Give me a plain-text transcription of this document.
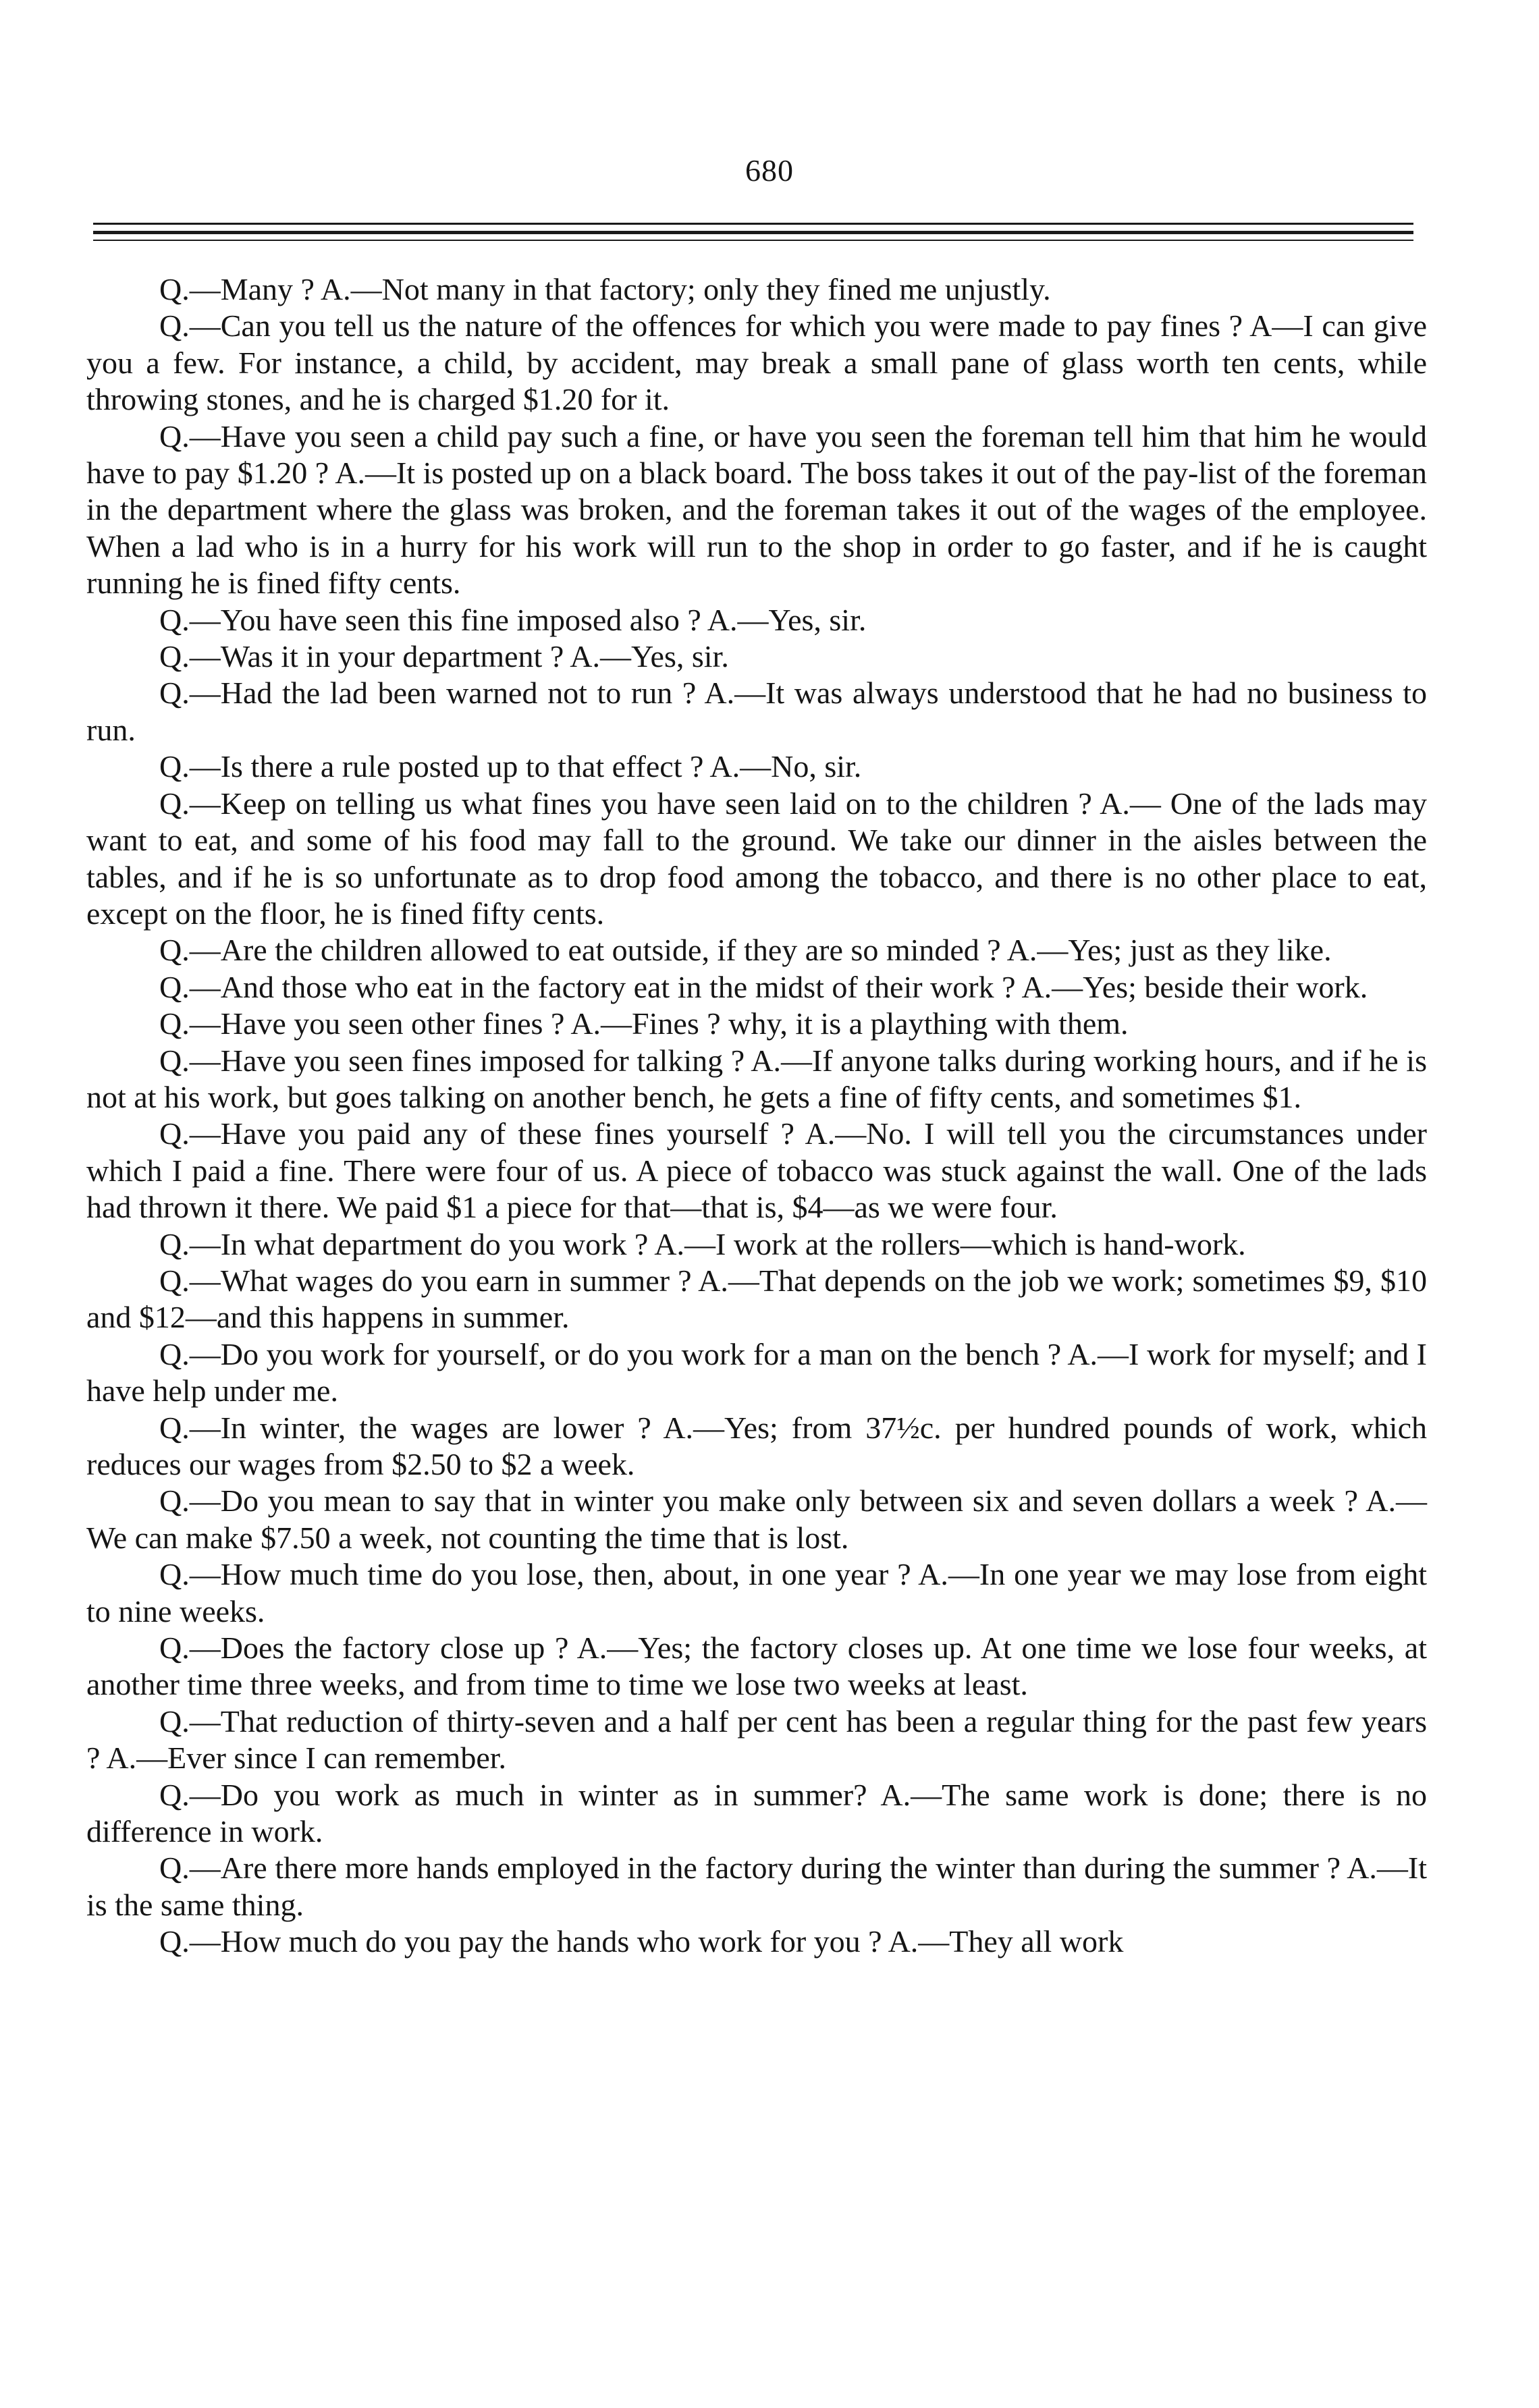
680

Q.—Many ? A.—Not many in that factory; only they fined me unjustly.

Q.—Can you tell us the nature of the offences for which you were made to pay fines ? A—I can give you a few. For instance, a child, by accident, may break a small pane of glass worth ten cents, while throwing stones, and he is charged $1.20 for it.

Q.—Have you seen a child pay such a fine, or have you seen the foreman tell him that him he would have to pay $1.20 ? A.—It is posted up on a black board. The boss takes it out of the pay-list of the foreman in the department where the glass was broken, and the foreman takes it out of the wages of the employee. When a lad who is in a hurry for his work will run to the shop in order to go faster, and if he is caught running he is fined fifty cents.

Q.—You have seen this fine imposed also ? A.—Yes, sir.

Q.—Was it in your department ? A.—Yes, sir.

Q.—Had the lad been warned not to run ? A.—It was always understood that he had no business to run.

Q.—Is there a rule posted up to that effect ? A.—No, sir.

Q.—Keep on telling us what fines you have seen laid on to the children ? A.— One of the lads may want to eat, and some of his food may fall to the ground. We take our dinner in the aisles between the tables, and if he is so unfortunate as to drop food among the tobacco, and there is no other place to eat, except on the floor, he is fined fifty cents.

Q.—Are the children allowed to eat outside, if they are so minded ? A.—Yes; just as they like.

Q.—And those who eat in the factory eat in the midst of their work ? A.—Yes; beside their work.

Q.—Have you seen other fines ? A.—Fines ? why, it is a plaything with them.

Q.—Have you seen fines imposed for talking ? A.—If anyone talks during working hours, and if he is not at his work, but goes talking on another bench, he gets a fine of fifty cents, and sometimes $1.

Q.—Have you paid any of these fines yourself ? A.—No. I will tell you the circumstances under which I paid a fine. There were four of us. A piece of tobacco was stuck against the wall. One of the lads had thrown it there. We paid $1 a piece for that—that is, $4—as we were four.

Q.—In what department do you work ? A.—I work at the rollers—which is hand-work.

Q.—What wages do you earn in summer ? A.—That depends on the job we work; sometimes $9, $10 and $12—and this happens in summer.

Q.—Do you work for yourself, or do you work for a man on the bench ? A.—I work for myself; and I have help under me.

Q.—In winter, the wages are lower ? A.—Yes; from 37½c. per hundred pounds of work, which reduces our wages from $2.50 to $2 a week.

Q.—Do you mean to say that in winter you make only between six and seven dollars a week ? A.—We can make $7.50 a week, not counting the time that is lost.

Q.—How much time do you lose, then, about, in one year ? A.—In one year we may lose from eight to nine weeks.

Q.—Does the factory close up ? A.—Yes; the factory closes up. At one time we lose four weeks, at another time three weeks, and from time to time we lose two weeks at least.

Q.—That reduction of thirty-seven and a half per cent has been a regular thing for the past few years ? A.—Ever since I can remember.

Q.—Do you work as much in winter as in summer? A.—The same work is done; there is no difference in work.

Q.—Are there more hands employed in the factory during the winter than during the summer ? A.—It is the same thing.

Q.—How much do you pay the hands who work for you ? A.—They all work
